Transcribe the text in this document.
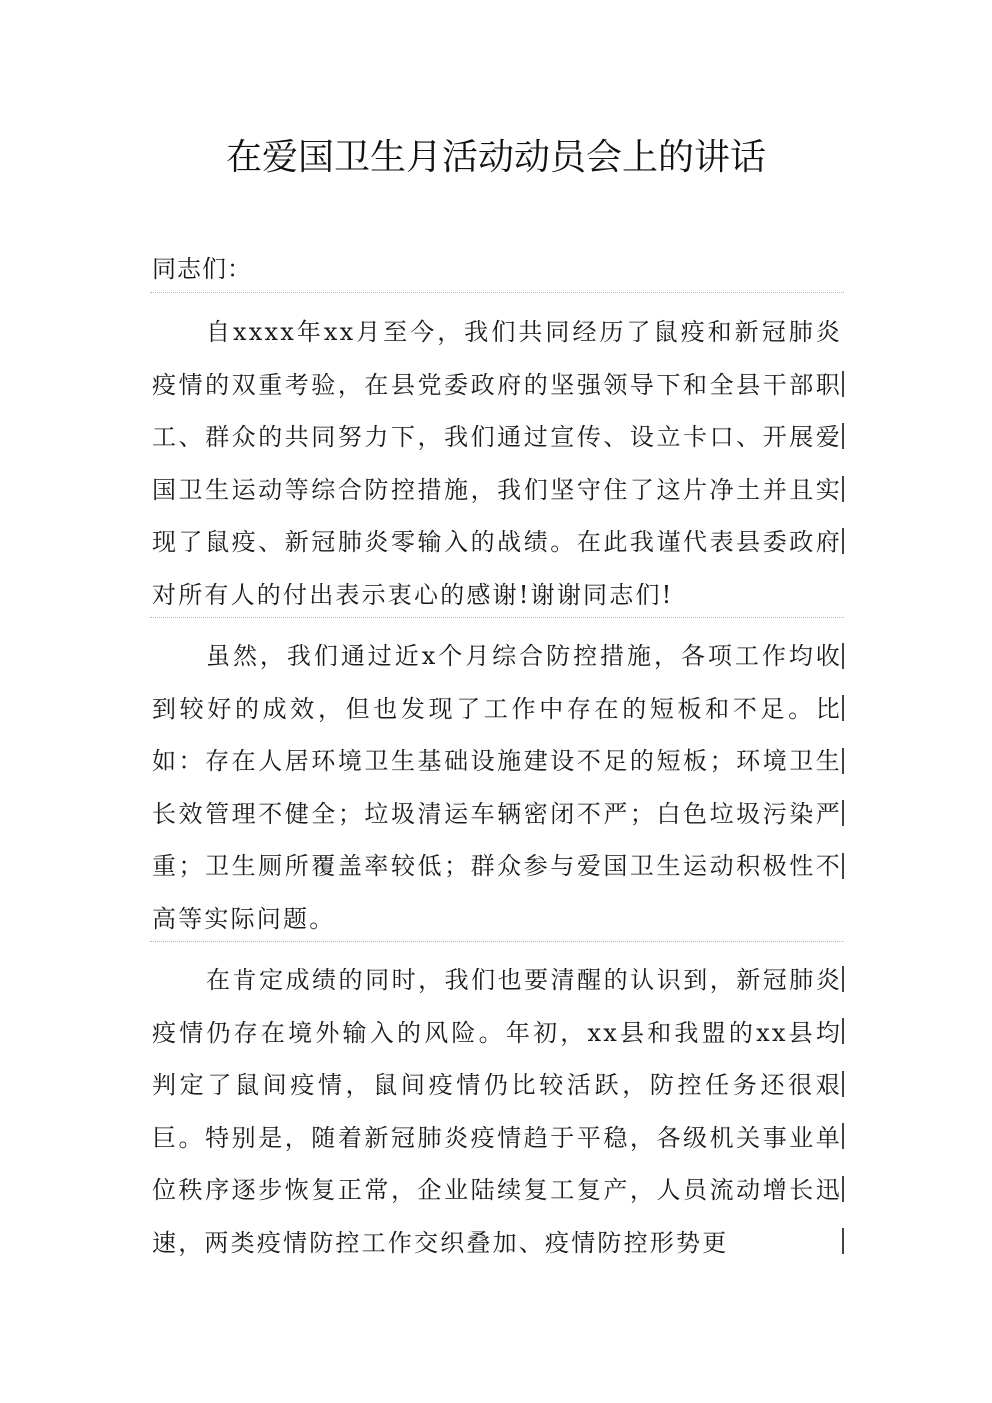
在爱国卫生月活动动员会上的讲话

同志们：

自xxxx年xx月至今，我们共同经历了鼠疫和新冠肺炎疫情的双重考验，在县党委政府的坚强领导下和全县干部职工、群众的共同努力下，我们通过宣传、设立卡口、开展爱国卫生运动等综合防控措施，我们坚守住了这片净土并且实现了鼠疫、新冠肺炎零输入的战绩。在此我谨代表县委政府对所有人的付出表示衷心的感谢!谢谢同志们!

虽然，我们通过近x个月综合防控措施，各项工作均收到较好的成效，但也发现了工作中存在的短板和不足。比如：存在人居环境卫生基础设施建设不足的短板；环境卫生长效管理不健全；垃圾清运车辆密闭不严；白色垃圾污染严重；卫生厕所覆盖率较低；群众参与爱国卫生运动积极性不高等实际问题。

在肯定成绩的同时，我们也要清醒的认识到，新冠肺炎疫情仍存在境外输入的风险。年初，xx县和我盟的xx县均判定了鼠间疫情，鼠间疫情仍比较活跃，防控任务还很艰巨。特别是，随着新冠肺炎疫情趋于平稳，各级机关事业单位秩序逐步恢复正常，企业陆续复工复产，人员流动增长迅速，两类疫情防控工作交织叠加、疫情防控形势更
